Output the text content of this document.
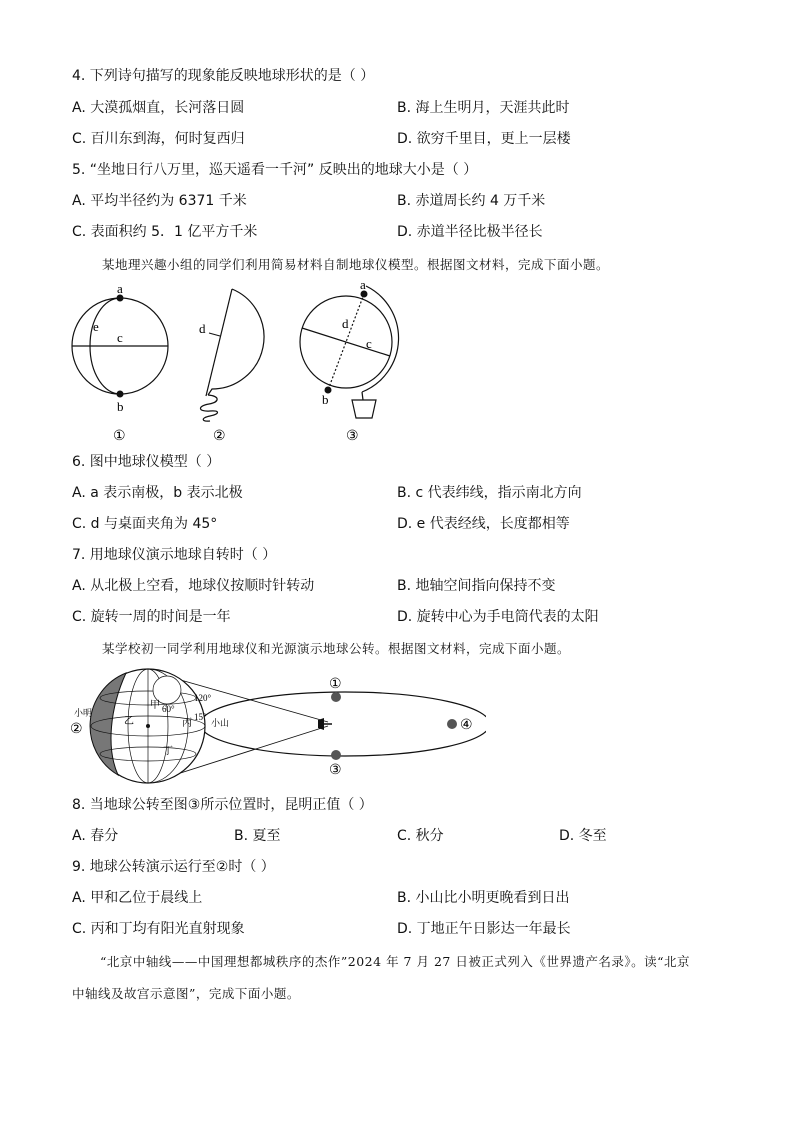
4. 下列诗句描写的现象能反映地球形状的是（ ）
A. 大漠孤烟直，长河落日圆	B. 海上生明月，天涯共此时
C. 百川东到海，何时复西归	D. 欲穷千里目，更上一层楼
5. “坐地日行八万里，巡天遥看一千河” 反映出的地球大小是（ ）
A. 平均半径约为 6371 千米	B. 赤道周长约 4 万千米
C. 表面积约 5．1 亿平方千米	D. 赤道半径比极半径长
某地理兴趣小组的同学们利用简易材料自制地球仪模型。根据图文材料，完成下面小题。
a
e
c
b
①
d
②
a
d
c
b
③
6. 图中地球仪模型（ ）
A. a 表示南极，b 表示北极	B. c 代表纬线，指示南北方向
C. d 与桌面夹角为 45°	D. e 代表经线，长度都相等
7. 用地球仪演示地球自转时（ ）
A. 从北极上空看，地球仪按顺时针转动	B. 地轴空间指向保持不变
C. 旋转一周的时间是一年	D. 旋转中心为手电筒代表的太阳
某学校初一同学利用地球仪和光源演示地球公转。根据图文材料，完成下面小题。
①
③
④
②
小明
乙
60°
甲
120°
15°
丙 小山
丁
8. 当地球公转至图③所示位置时，昆明正值（ ）
A. 春分	B. 夏至	C. 秋分	D. 冬至
9. 地球公转演示运行至②时（ ）
A. 甲和乙位于晨线上	B. 小山比小明更晚看到日出
C. 丙和丁均有阳光直射现象	D. 丁地正午日影达一年最长
“北京中轴线——中国理想都城秩序的杰作”2024 年 7 月 27 日被正式列入《世界遗产名录》。读“北京
中轴线及故宫示意图”，完成下面小题。
